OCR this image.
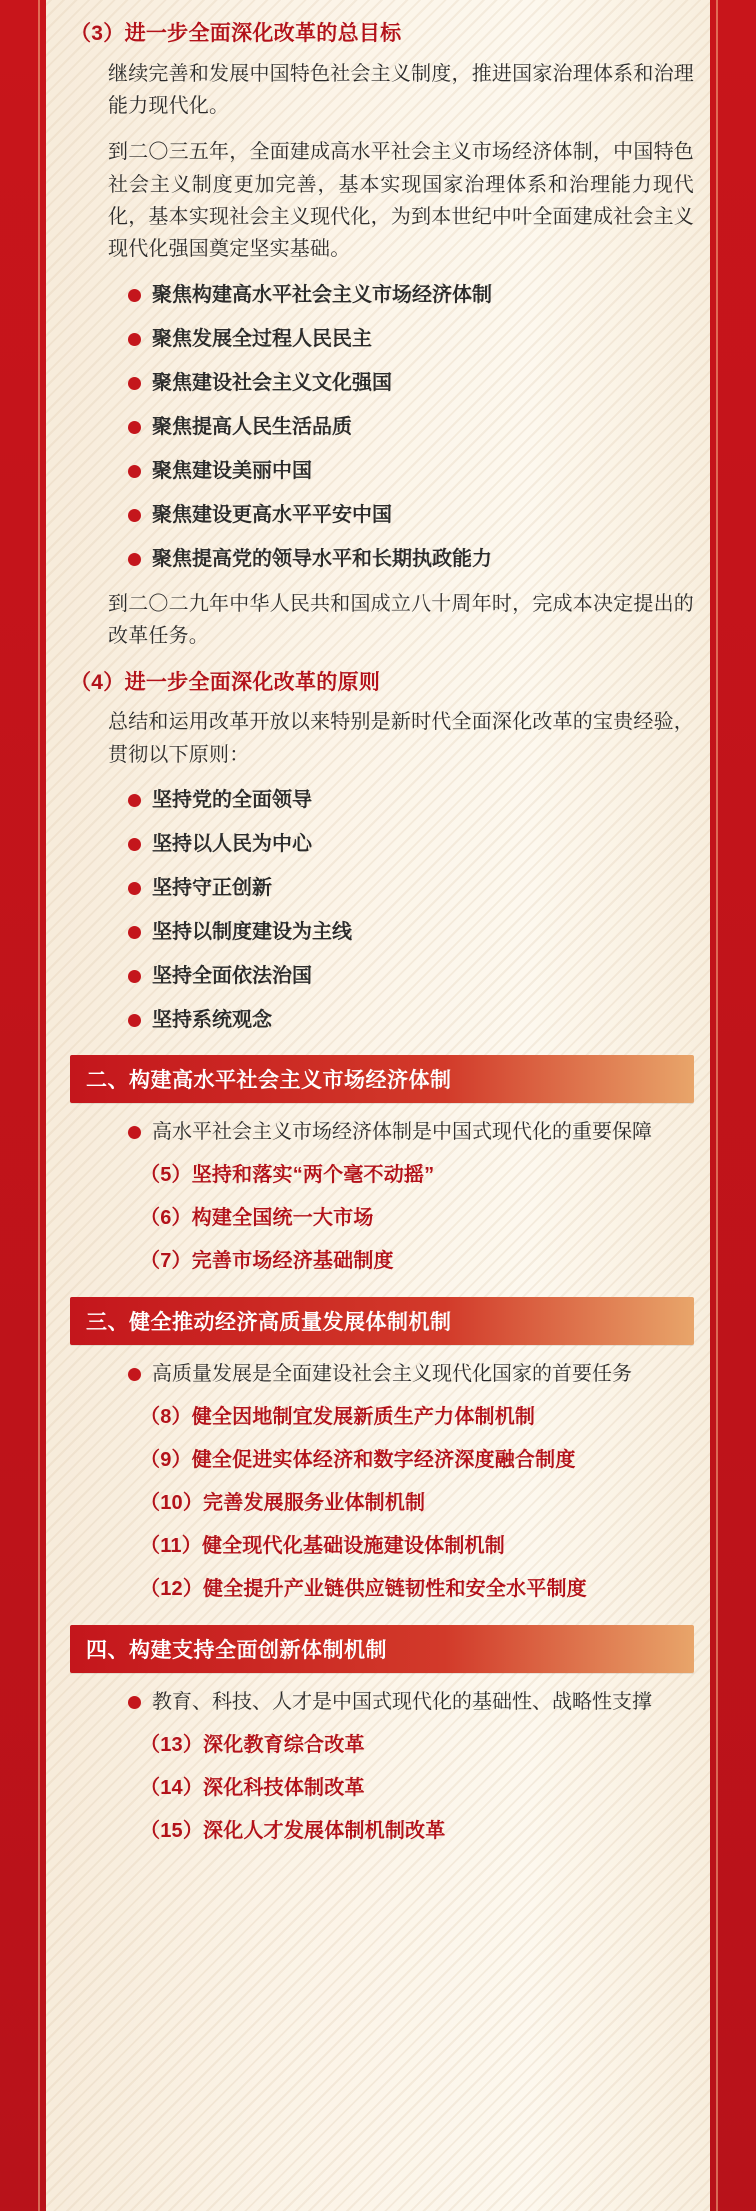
（3）进一步全面深化改革的总目标

继续完善和发展中国特色社会主义制度，推进国家治理体系和治理能力现代化。

到二〇三五年，全面建成高水平社会主义市场经济体制，中国特色社会主义制度更加完善，基本实现国家治理体系和治理能力现代化，基本实现社会主义现代化，为到本世纪中叶全面建成社会主义现代化强国奠定坚实基础。

聚焦构建高水平社会主义市场经济体制
聚焦发展全过程人民民主
聚焦建设社会主义文化强国
聚焦提高人民生活品质
聚焦建设美丽中国
聚焦建设更高水平平安中国
聚焦提高党的领导水平和长期执政能力

到二〇二九年中华人民共和国成立八十周年时，完成本决定提出的改革任务。

（4）进一步全面深化改革的原则

总结和运用改革开放以来特别是新时代全面深化改革的宝贵经验，贯彻以下原则：

坚持党的全面领导
坚持以人民为中心
坚持守正创新
坚持以制度建设为主线
坚持全面依法治国
坚持系统观念
二、构建高水平社会主义市场经济体制
高水平社会主义市场经济体制是中国式现代化的重要保障
（5）坚持和落实“两个毫不动摇”
（6）构建全国统一大市场
（7）完善市场经济基础制度
三、健全推动经济高质量发展体制机制
高质量发展是全面建设社会主义现代化国家的首要任务
（8）健全因地制宜发展新质生产力体制机制
（9）健全促进实体经济和数字经济深度融合制度
（10）完善发展服务业体制机制
（11）健全现代化基础设施建设体制机制
（12）健全提升产业链供应链韧性和安全水平制度
四、构建支持全面创新体制机制
教育、科技、人才是中国式现代化的基础性、战略性支撑
（13）深化教育综合改革
（14）深化科技体制改革
（15）深化人才发展体制机制改革
